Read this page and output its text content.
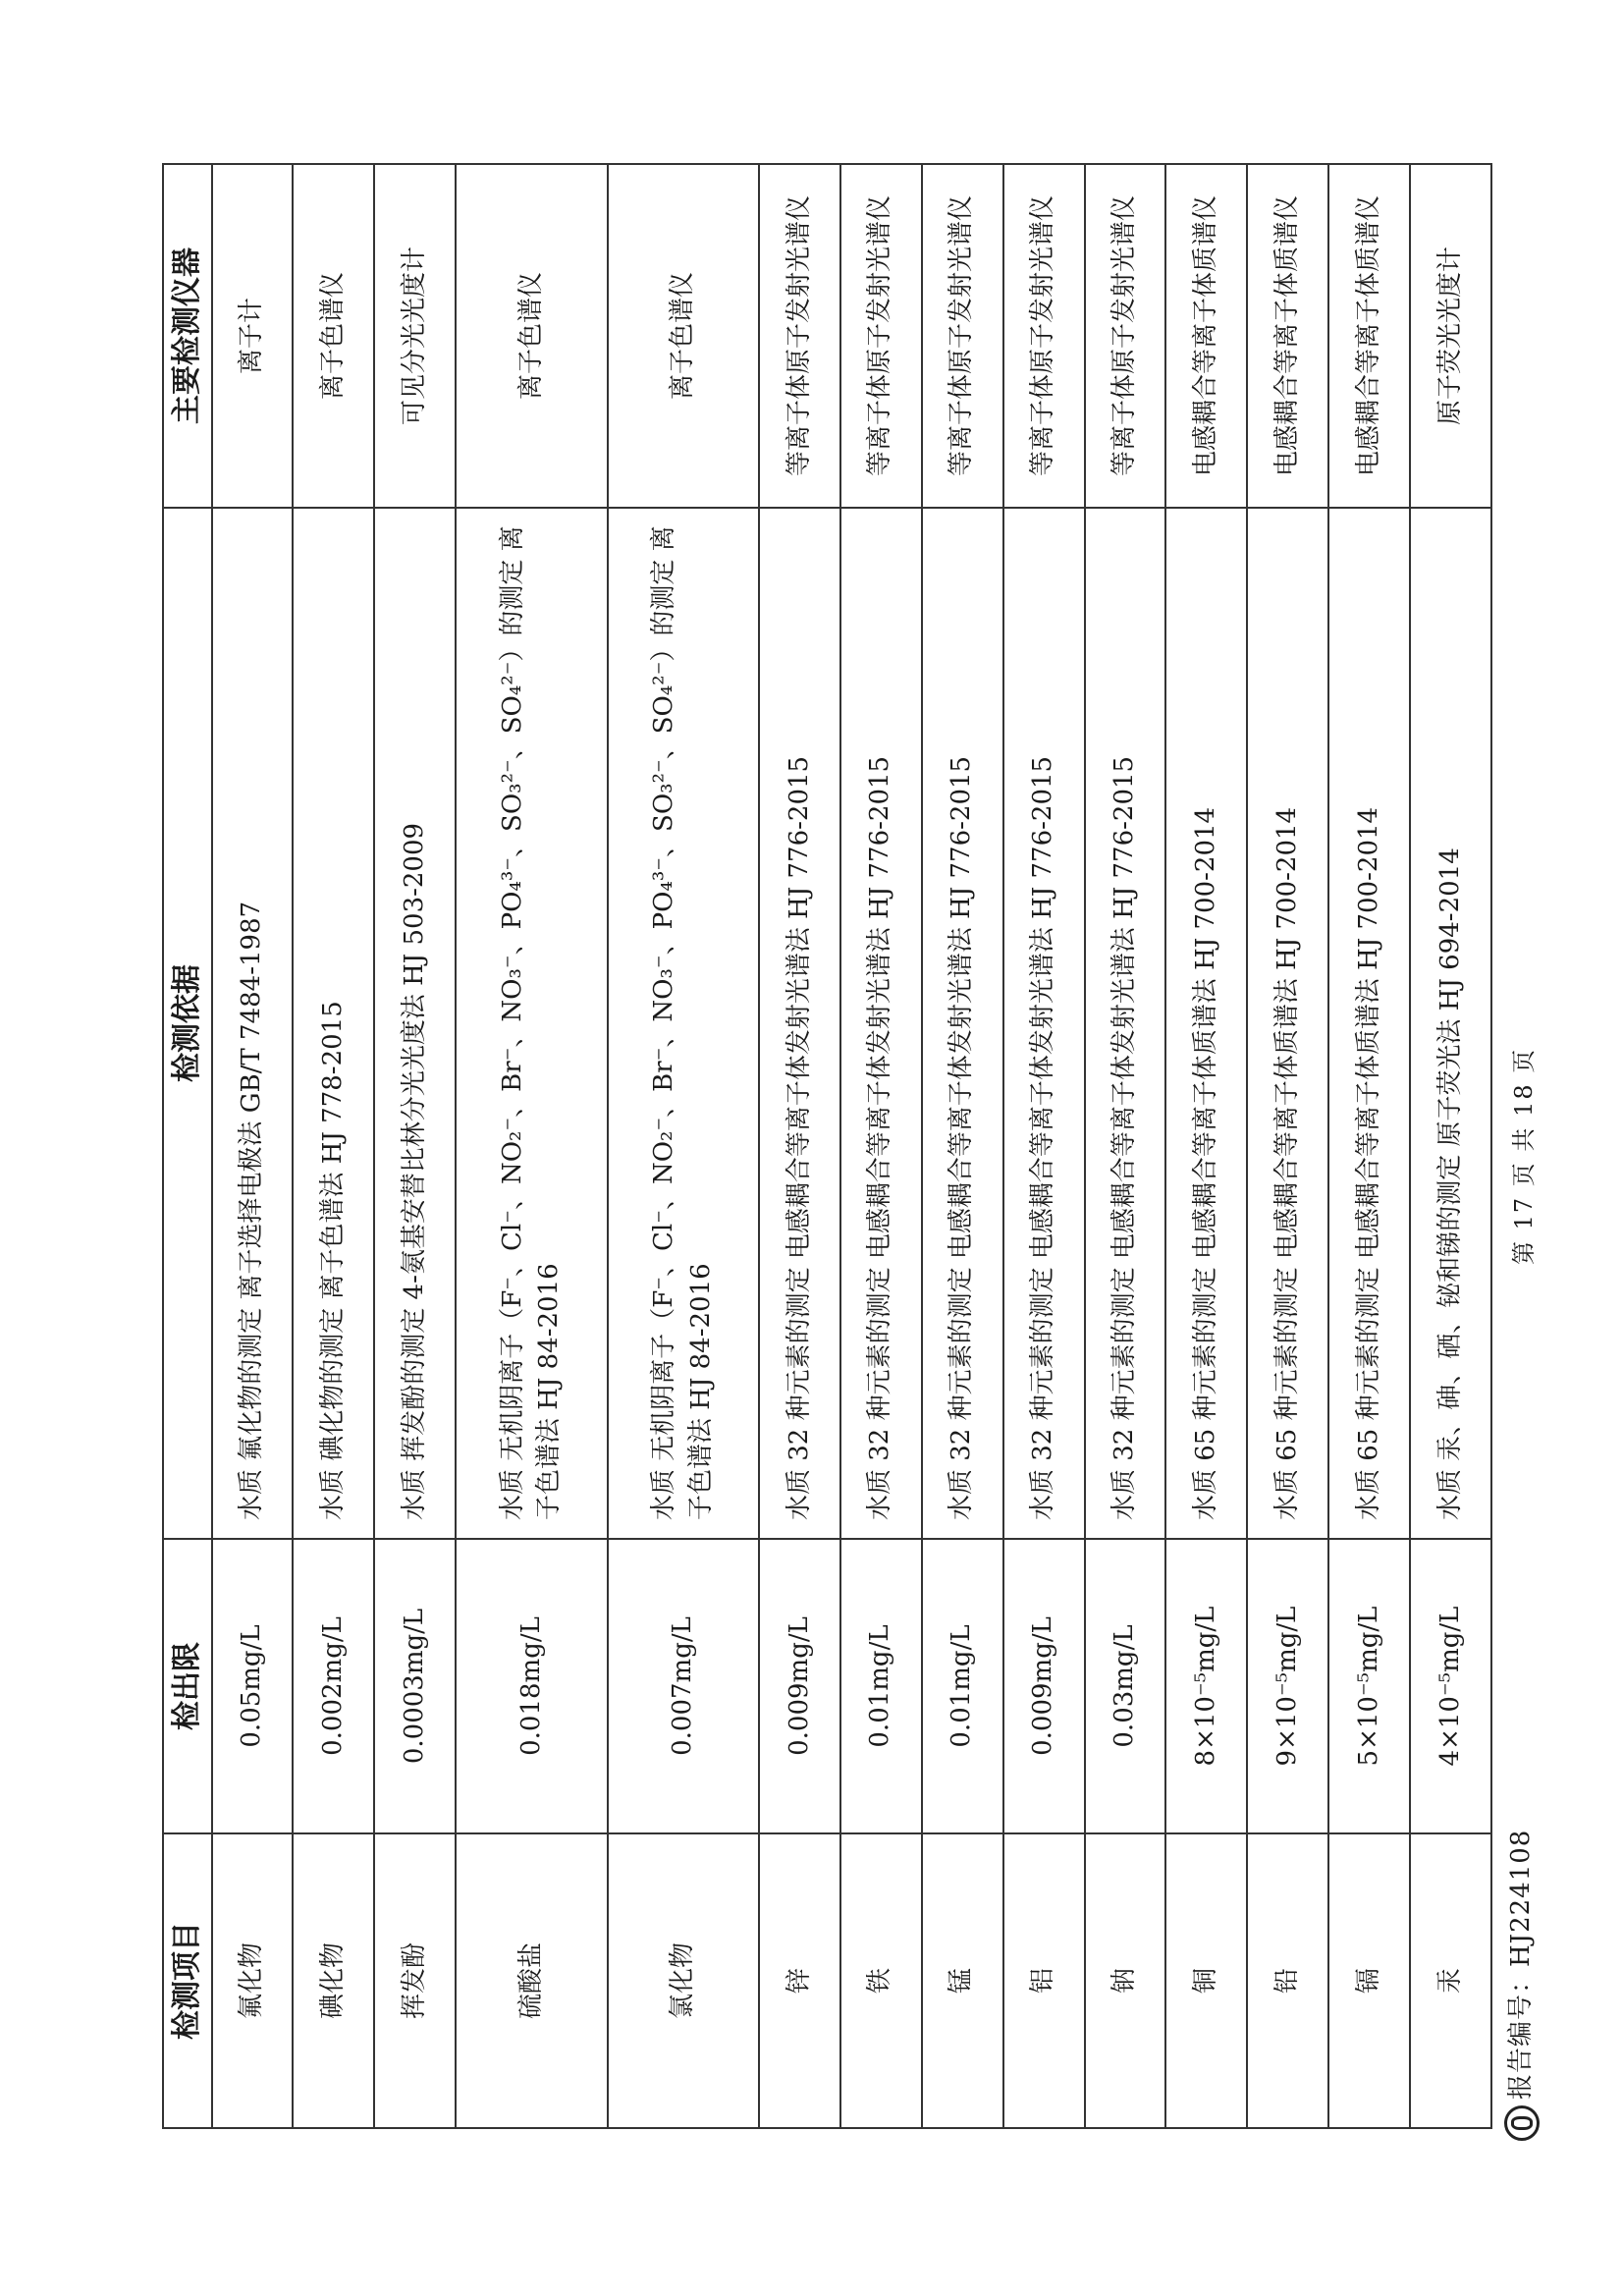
报告编号：HJ224108
第 17 页 共 18 页
检测项目	检出限	检测依据	主要检测仪器
氟化物	0.05mg/L	水质 氟化物的测定 离子选择电极法 GB/T 7484-1987	离子计
碘化物	0.002mg/L	水质 碘化物的测定 离子色谱法 HJ 778-2015	离子色谱仪
挥发酚	0.0003mg/L	水质 挥发酚的测定 4-氨基安替比林分光光度法 HJ 503-2009	可见分光光度计
硫酸盐	0.018mg/L	水质 无机阴离子（F⁻、Cl⁻、NO₂⁻、Br⁻、NO₃⁻、PO₄³⁻、SO₃²⁻、SO₄²⁻）的测定 离子色谱法 HJ 84-2016	离子色谱仪
氯化物	0.007mg/L	水质 无机阴离子（F⁻、Cl⁻、NO₂⁻、Br⁻、NO₃⁻、PO₄³⁻、SO₃²⁻、SO₄²⁻）的测定 离子色谱法 HJ 84-2016	离子色谱仪
锌	0.009mg/L	水质 32 种元素的测定 电感耦合等离子体发射光谱法 HJ 776-2015	等离子体原子发射光谱仪
铁	0.01mg/L	水质 32 种元素的测定 电感耦合等离子体发射光谱法 HJ 776-2015	等离子体原子发射光谱仪
锰	0.01mg/L	水质 32 种元素的测定 电感耦合等离子体发射光谱法 HJ 776-2015	等离子体原子发射光谱仪
铝	0.009mg/L	水质 32 种元素的测定 电感耦合等离子体发射光谱法 HJ 776-2015	等离子体原子发射光谱仪
钠	0.03mg/L	水质 32 种元素的测定 电感耦合等离子体发射光谱法 HJ 776-2015	等离子体原子发射光谱仪
铜	8×10⁻⁵mg/L	水质 65 种元素的测定 电感耦合等离子体质谱法 HJ 700-2014	电感耦合等离子体质谱仪
铅	9×10⁻⁵mg/L	水质 65 种元素的测定 电感耦合等离子体质谱法 HJ 700-2014	电感耦合等离子体质谱仪
镉	5×10⁻⁵mg/L	水质 65 种元素的测定 电感耦合等离子体质谱法 HJ 700-2014	电感耦合等离子体质谱仪
汞	4×10⁻⁵mg/L	水质 汞、砷、硒、铋和锑的测定 原子荧光法 HJ 694-2014	原子荧光光度计
